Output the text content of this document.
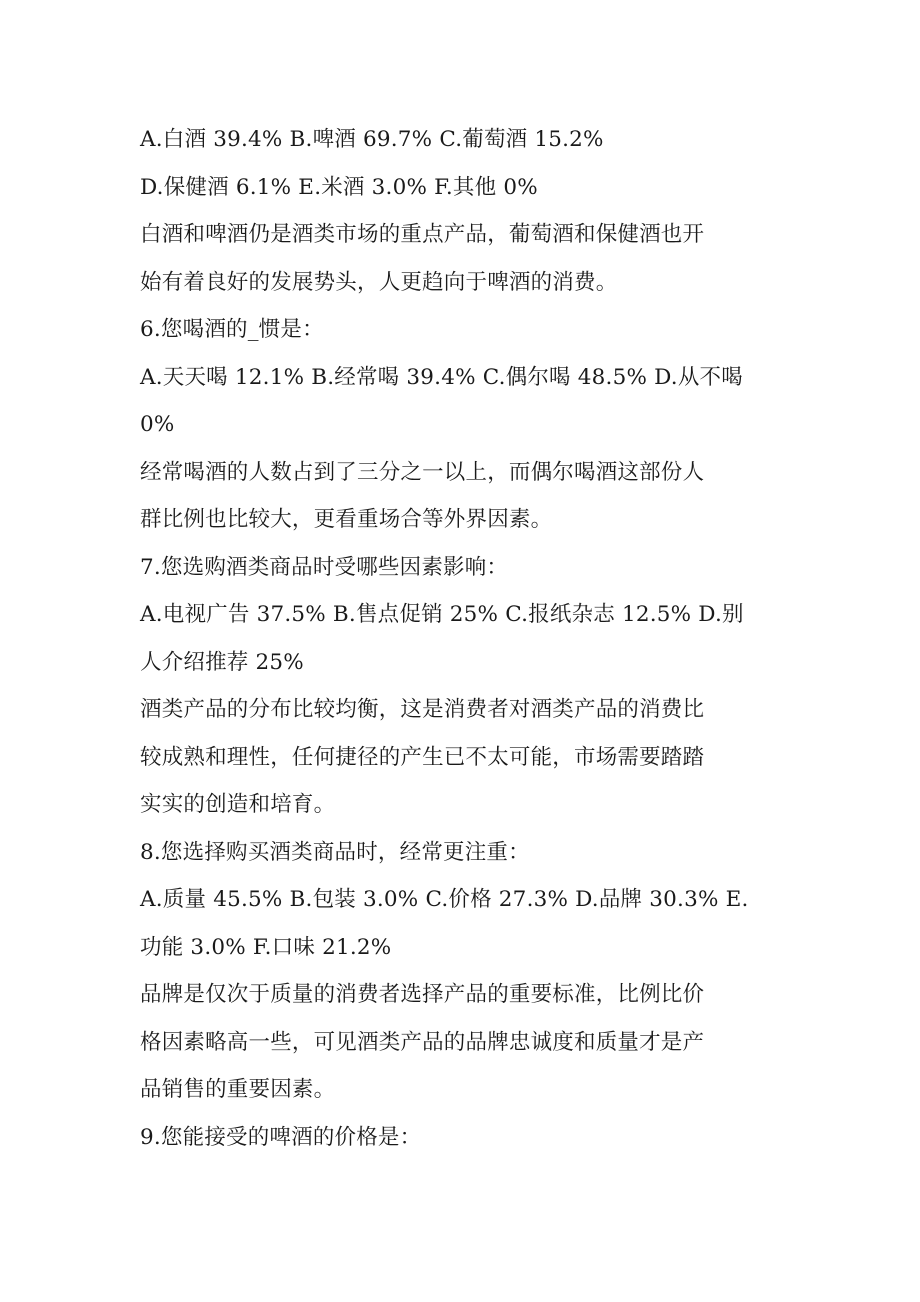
A.白酒 39.4% B.啤酒 69.7% C.葡萄酒 15.2%

D.保健酒 6.1% E.米酒 3.0% F.其他 0%

白酒和啤酒仍是酒类市场的重点产品，葡萄酒和保健酒也开

始有着良好的发展势头，人更趋向于啤酒的消费。

6.您喝酒的_惯是：

A.天天喝 12.1% B.经常喝 39.4% C.偶尔喝 48.5% D.从不喝

0%

经常喝酒的人数占到了三分之一以上，而偶尔喝酒这部份人

群比例也比较大，更看重场合等外界因素。

7.您选购酒类商品时受哪些因素影响：

A.电视广告 37.5% B.售点促销 25% C.报纸杂志 12.5% D.别

人介绍推荐 25%

酒类产品的分布比较均衡，这是消费者对酒类产品的消费比

较成熟和理性，任何捷径的产生已不太可能，市场需要踏踏

实实的创造和培育。

8.您选择购买酒类商品时，经常更注重：

A.质量 45.5% B.包装 3.0% C.价格 27.3% D.品牌 30.3% E.

功能 3.0% F.口味 21.2%

品牌是仅次于质量的消费者选择产品的重要标准，比例比价

格因素略高一些，可见酒类产品的品牌忠诚度和质量才是产

品销售的重要因素。

9.您能接受的啤酒的价格是：
